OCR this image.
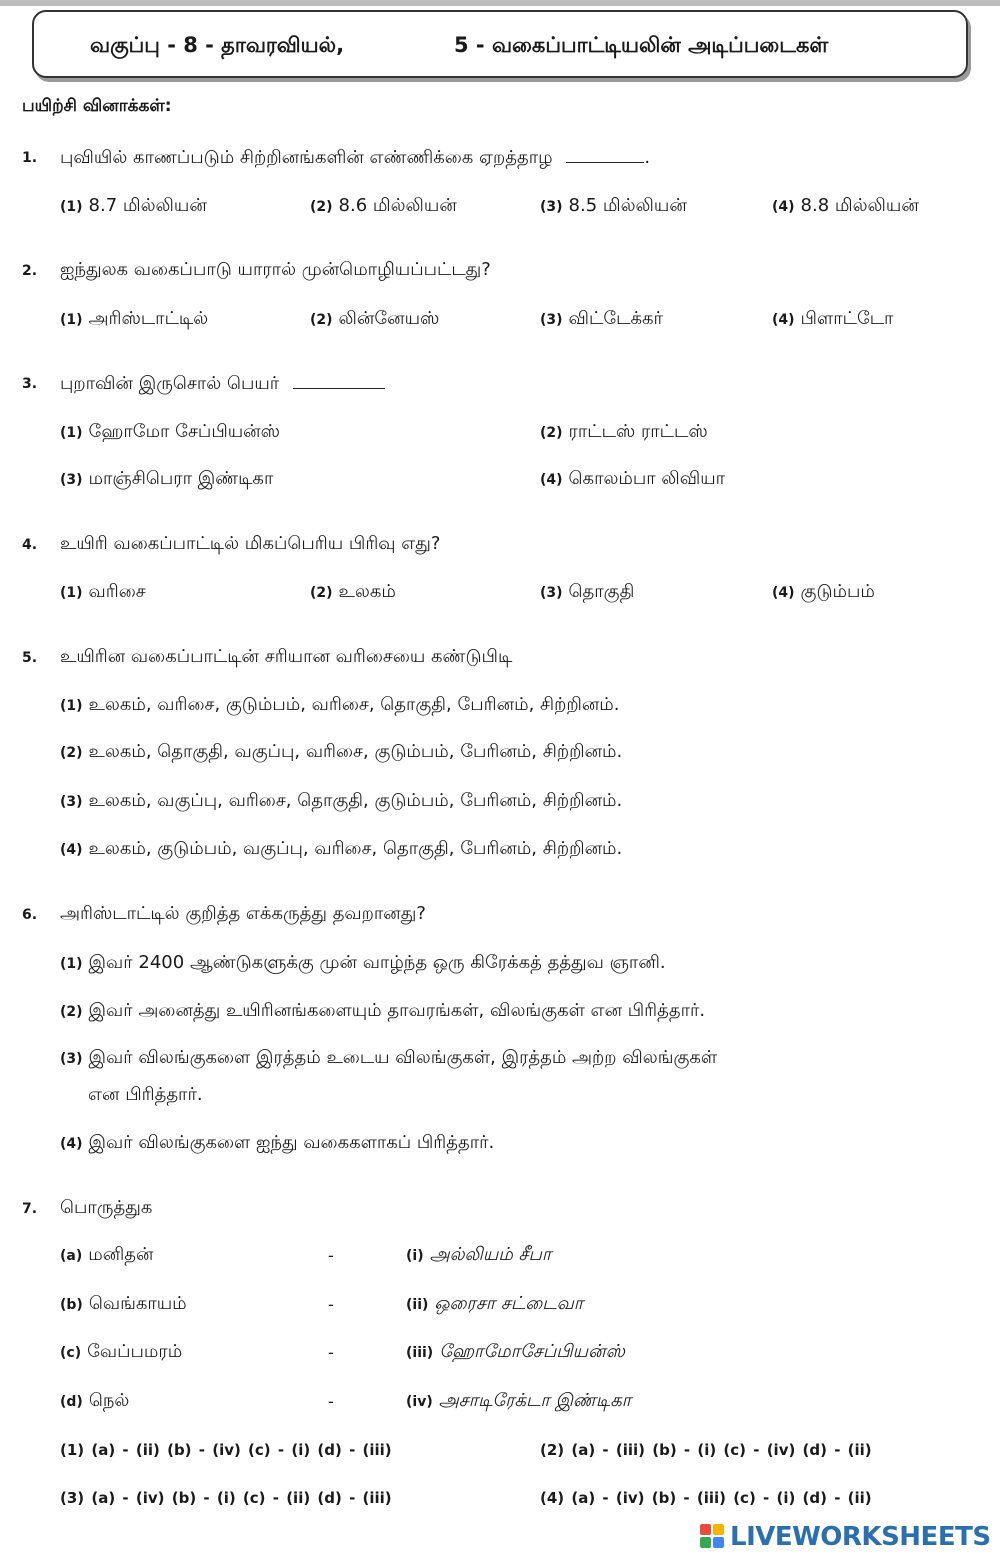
வகுப்பு - 8 - தாவரவியல்,	5 - வகைப்பாட்டியலின் அடிப்படைகள்
பயிற்சி வினாக்கள்:
1. புவியில் காணப்படும் சிற்றினங்களின் எண்ணிக்கை ஏறத்தாழ	.
(1) 8.7 மில்லியன்	(2) 8.6 மில்லியன்	(3) 8.5 மில்லியன்	(4) 8.8 மில்லியன்
2. ஐந்துலக வகைப்பாடு யாரால் முன்மொழியப்பட்டது?
(1) அரிஸ்டாட்டில்	(2) லின்னேயஸ்	(3) விட்டேக்கர்	(4) பிளாட்டோ
3. புறாவின் இருசொல் பெயர்
(1) ஹோமோ சேப்பியன்ஸ்	(2) ராட்டஸ் ராட்டஸ்
(3) மாஞ்சிபெரா இண்டிகா	(4) கொலம்பா லிவியா
4. உயிரி வகைப்பாட்டில் மிகப்பெரிய பிரிவு எது?
(1) வரிசை	(2) உலகம்	(3) தொகுதி	(4) குடும்பம்
5. உயிரின வகைப்பாட்டின் சரியான வரிசையை கண்டுபிடி
(1) உலகம், வரிசை, குடும்பம், வரிசை, தொகுதி, பேரினம், சிற்றினம்.
(2) உலகம், தொகுதி, வகுப்பு, வரிசை, குடும்பம், பேரினம், சிற்றினம்.
(3) உலகம், வகுப்பு, வரிசை, தொகுதி, குடும்பம், பேரினம், சிற்றினம்.
(4) உலகம், குடும்பம், வகுப்பு, வரிசை, தொகுதி, பேரினம், சிற்றினம்.
6. அரிஸ்டாட்டில் குறித்த எக்கருத்து தவறானது?
(1) இவர் 2400 ஆண்டுகளுக்கு முன் வாழ்ந்த ஒரு கிரேக்கத் தத்துவ ஞானி.
(2) இவர் அனைத்து உயிரினங்களையும் தாவரங்கள், விலங்குகள் என பிரித்தார்.
(3) இவர் விலங்குகளை இரத்தம் உடைய விலங்குகள், இரத்தம் அற்ற விலங்குகள்
என பிரித்தார்.
(4) இவர் விலங்குகளை ஐந்து வகைகளாகப் பிரித்தார்.
7. பொருத்துக
(a) மனிதன்	-	(i) அல்லியம் சீபா
(b) வெங்காயம்	-	(ii) ஒரைசா சட்டைவா
(c) வேப்பமரம்	-	(iii) ஹோமோசேப்பியன்ஸ்
(d) நெல்	-	(iv) அசாடிரேக்டா இண்டிகா
(1) (a) - (ii) (b) - (iv) (c) - (i) (d) - (iii)	(2) (a) - (iii) (b) - (i) (c) - (iv) (d) - (ii)
(3) (a) - (iv) (b) - (i) (c) - (ii) (d) - (iii)	(4) (a) - (iv) (b) - (iii) (c) - (i) (d) - (ii)
LIVEWORKSHEETS
